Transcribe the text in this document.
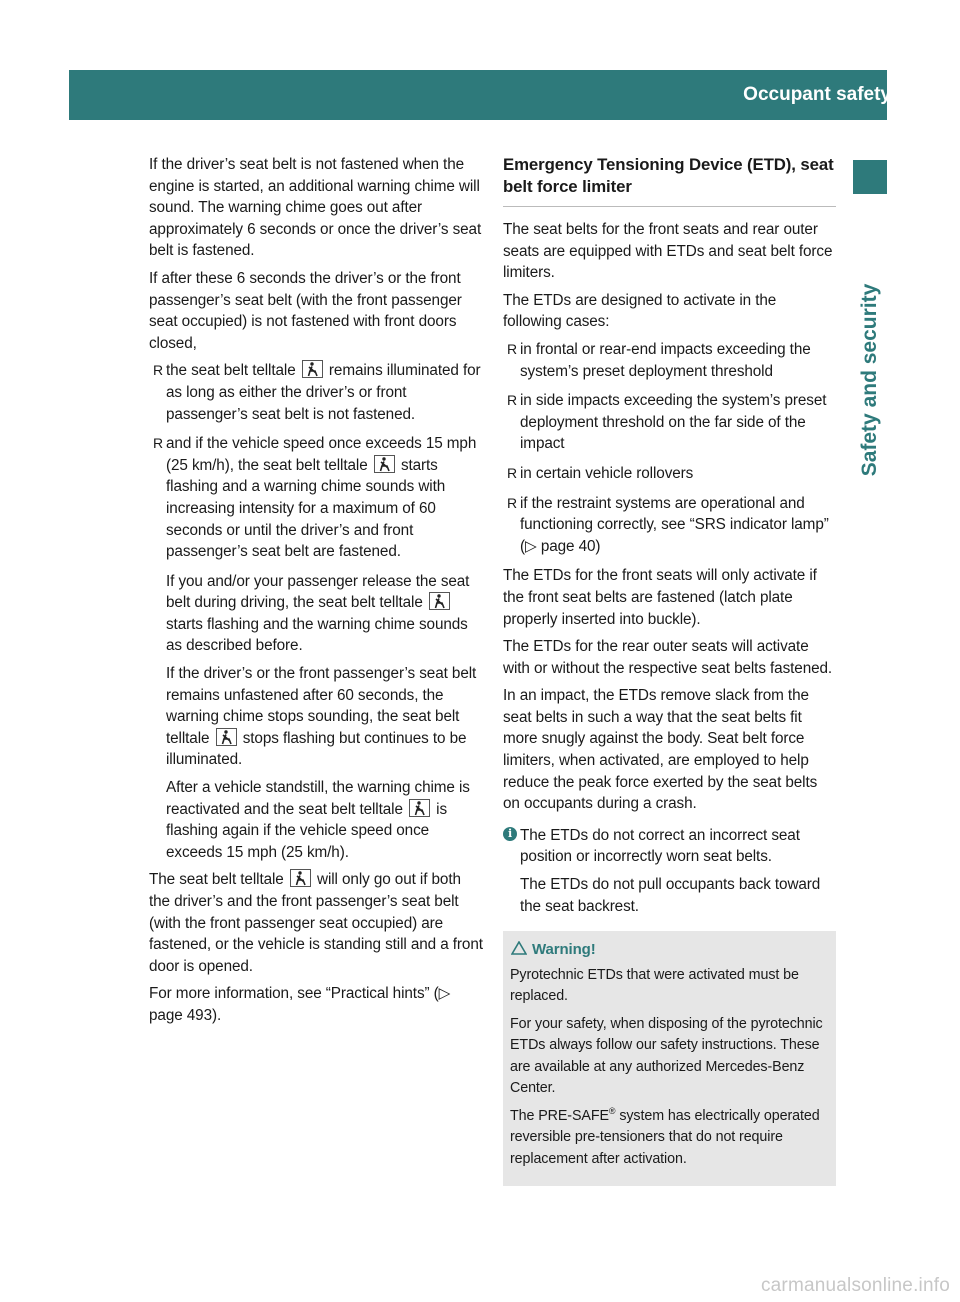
Occupant safety	53
Safety and security

If the driver’s seat belt is not fastened when the engine is started, an additional warning chime will sound. The warning chime goes out after approximately 6 seconds or once the driver’s seat belt is fastened.

If after these 6 seconds the driver’s or the front passenger’s seat belt (with the front passenger seat occupied) is not fastened with front doors closed,

R the seat belt telltale remains illuminated for as long as either the driver’s or front passenger’s seat belt is not fastened.
R and if the vehicle speed once exceeds 15 mph (25 km/h), the seat belt telltale starts flashing and a warning chime sounds with increasing intensity for a maximum of 60 seconds or until the driver’s and front passenger’s seat belt are fastened.

If you and/or your passenger release the seat belt during driving, the seat belt telltale
starts flashing and the warning chime sounds as described before.

If the driver’s or the front passenger’s seat belt remains unfastened after 60 seconds, the warning chime stops sounding, the seat belt telltale stops flashing but continues to be illuminated.

After a vehicle standstill, the warning chime is reactivated and the seat belt telltale is flashing again if the vehicle speed once exceeds 15 mph (25 km/h).

The seat belt telltale will only go out if both the driver’s and the front passenger’s seat belt (with the front passenger seat occupied) are fastened, or the vehicle is standing still and a front door is opened.

For more information, see “Practical hints” (▷ page 493).

Emergency Tensioning Device (ETD), seat belt force limiter

The seat belts for the front seats and rear outer seats are equipped with ETDs and seat belt force limiters.

The ETDs are designed to activate in the following cases:

R in frontal or rear-end impacts exceeding the system’s preset deployment threshold
R in side impacts exceeding the system’s preset deployment threshold on the far side of the impact
R in certain vehicle rollovers
R if the restraint systems are operational and functioning correctly, see “SRS indicator lamp” (▷ page 40)

The ETDs for the front seats will only activate if the front seat belts are fastened (latch plate properly inserted into buckle).

The ETDs for the rear outer seats will activate with or without the respective seat belts fastened.

In an impact, the ETDs remove slack from the seat belts in such a way that the seat belts fit more snugly against the body. Seat belt force limiters, when activated, are employed to help reduce the peak force exerted by the seat belts on occupants during a crash.

i The ETDs do not correct an incorrect seat position or incorrectly worn seat belts.

The ETDs do not pull occupants back toward the seat backrest.

Warning!

Pyrotechnic ETDs that were activated must be replaced.

For your safety, when disposing of the pyrotechnic ETDs always follow our safety instructions. These are available at any authorized Mercedes-Benz Center.

The PRE-SAFE® system has electrically operated reversible pre-tensioners that do not require replacement after activation.

carmanualsonline.info
